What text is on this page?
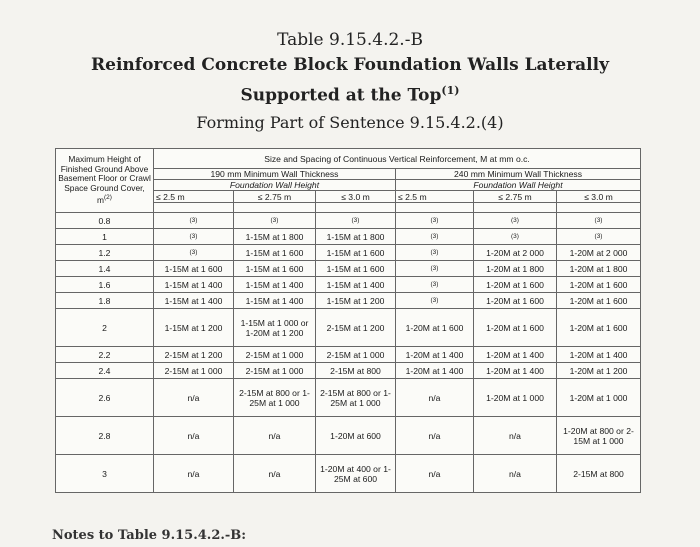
Table 9.15.4.2.-B
Reinforced Concrete Block Foundation Walls Laterally Supported at the Top$^{(1)}$
Forming Part of Sentence 9.15.4.2.(4)
Maximum Height of Finished Ground Above Basement Floor or Crawl Space Ground Cover, m$^{(2)}$	Size and Spacing of Continuous Vertical Reinforcement, M at mm o.c.					
	190 mm Minimum Wall Thickness			240 mm Minimum Wall Thickness		
	Foundation Wall Height			Foundation Wall Height		
	≤ 2.5 m	≤ 2.75 m	≤ 3.0 m	≤ 2.5 m	≤ 2.75 m	≤ 3.0 m

0.8	(3)	(3)	(3)	(3)	(3)	(3)
1	(3)	1-15M at 1 800	1-15M at 1 800	(3)	(3)	(3)
1.2	(3)	1-15M at 1 600	1-15M at 1 600	(3)	1-20M at 2 000	1-20M at 2 000
1.4	1-15M at 1 600	1-15M at 1 600	1-15M at 1 600	(3)	1-20M at 1 800	1-20M at 1 800
1.6	1-15M at 1 400	1-15M at 1 400	1-15M at 1 400	(3)	1-20M at 1 600	1-20M at 1 600
1.8	1-15M at 1 400	1-15M at 1 400	1-15M at 1 200	(3)	1-20M at 1 600	1-20M at 1 600
2	1-15M at 1 200	1-15M at 1 000 or 1-20M at 1 200	2-15M at 1 200	1-20M at 1 600	1-20M at 1 600	1-20M at 1 600
2.2	2-15M at 1 200	2-15M at 1 000	2-15M at 1 000	1-20M at 1 400	1-20M at 1 400	1-20M at 1 400
2.4	2-15M at 1 000	2-15M at 1 000	2-15M at 800	1-20M at 1 400	1-20M at 1 400	1-20M at 1 200
2.6	n/a	2-15M at 800 or 1-25M at 1 000	2-15M at 800 or 1-25M at 1 000	n/a	1-20M at 1 000	1-20M at 1 000
2.8	n/a	n/a	1-20M at 600	n/a	n/a	1-20M at 800 or 2-15M at 1 000
3	n/a	n/a	1-20M at 400 or 1-25M at 600	n/a	n/a	2-15M at 800
Notes to Table 9.15.4.2.-B:
